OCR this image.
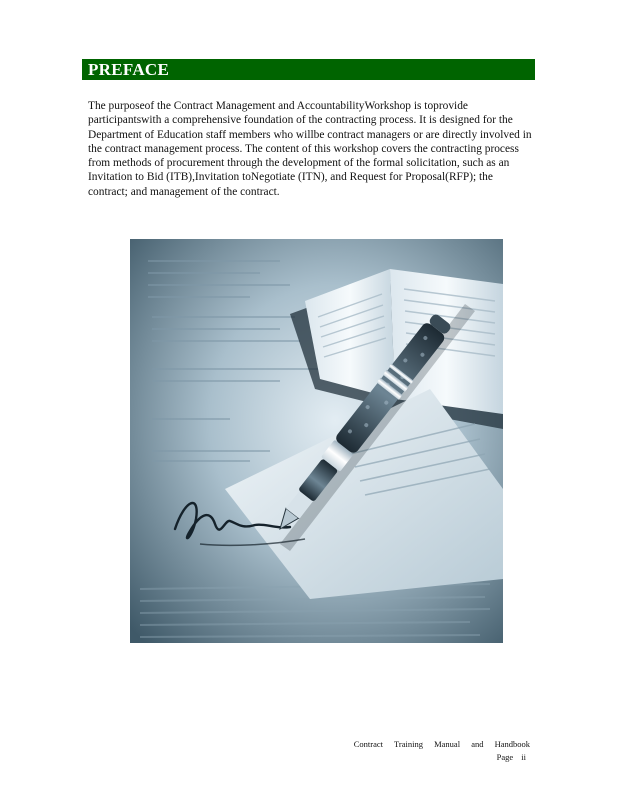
PREFACE

The purposeof the Contract Management and AccountabilityWorkshop is toprovide participantswith a comprehensive foundation of the contracting process. It is designed for the Department of Education staff members who willbe contract managers or are directly involved in the contract management process. The content of this workshop covers the contracting process from methods of procurement through the development of the formal solicitation, such as an Invitation to Bid (ITB),Invitation toNegotiate (ITN), and Request for Proposal(RFP); the contract; and management of the contract.

Contract Training Manual and Handbook
Page ii
